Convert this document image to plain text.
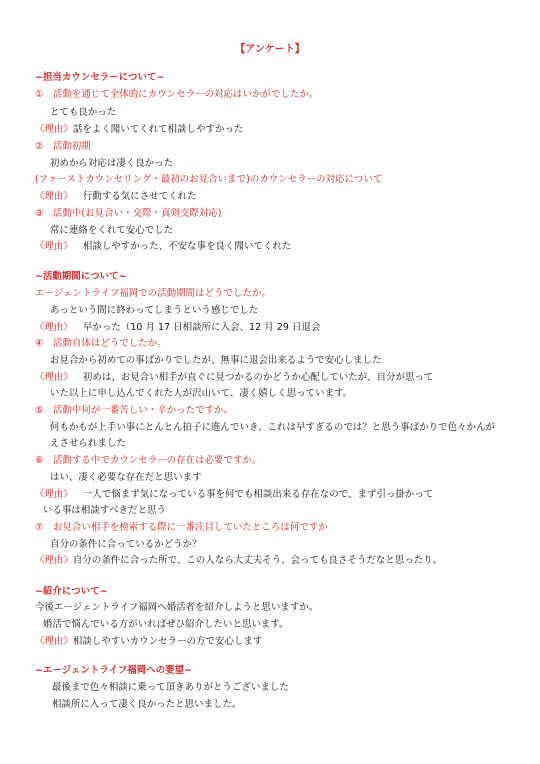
【アンケート】
~担当カウンセラーについて~
①　活動を通じて全体的にカウンセラーの対応はいかがでしたか。
とても良かった
《理由》話をよく聞いてくれて相談しやすかった
②　活動初期
初めから対応は凄く良かった
(ファーストカウンセリング・最初のお見合いまで)のカウンセラーの対応について
《理由》 行動する気にさせてくれた
③　活動中(お見合い・交際・真剣交際対応)
常に連絡をくれて安心でした
《理由》 相談しやすかった、不安な事を良く聞いてくれた
~活動期間について~
エージェントライフ福岡での活動期間はどうでしたか。
あっという間に終わってしまうという感じでした
《理由》 早かった（10 月 17 日相談所に入会、12 月 29 日退会
④　活動自体はどうでしたか。
お見合から初めての事ばかりでしたが、無事に退会出来るようで安心しました
《理由》 初めは、お見合い相手が直ぐに見つかるのかどうか心配していたが、自分が思って
いた以上に申し込んでくれた人が沢山いて、凄く嬉しく思っています。
⑤　活動中何が一番苦しい・辛かったですか。
何もかもが上手い事にとんとん拍子に進んでいき、これは早すぎるのでは？と思う事ばかりで色々かんが
えさせられました
⑥　活動する中でカウンセラーの存在は必要ですか。
はい、凄く必要な存在だと思います
《理由》 一人で悩まず気になっている事を何でも相談出来る存在なので、まず引っ掛かって
いる事は相談すべきだと思う
⑦　お見合い相手を検索する際に一番注目していたところは何ですか
自分の条件に合っているかどうか？
《理由》自分の条件に合った所で、この人なら大丈夫そう、会っても良さそうだなと思ったり。
~紹介について~
今後エージェントライフ福岡へ婚活者を紹介しようと思いますか。
婚活で悩んでいる方がいればぜひ紹介したいと思います。
《理由》相談しやすいカウンセラーの方で安心します
~エージェントライフ福岡への要望~
最後まで色々相談に乗って頂きありがとうございました
相談所に入って凄く良かったと思いました。
